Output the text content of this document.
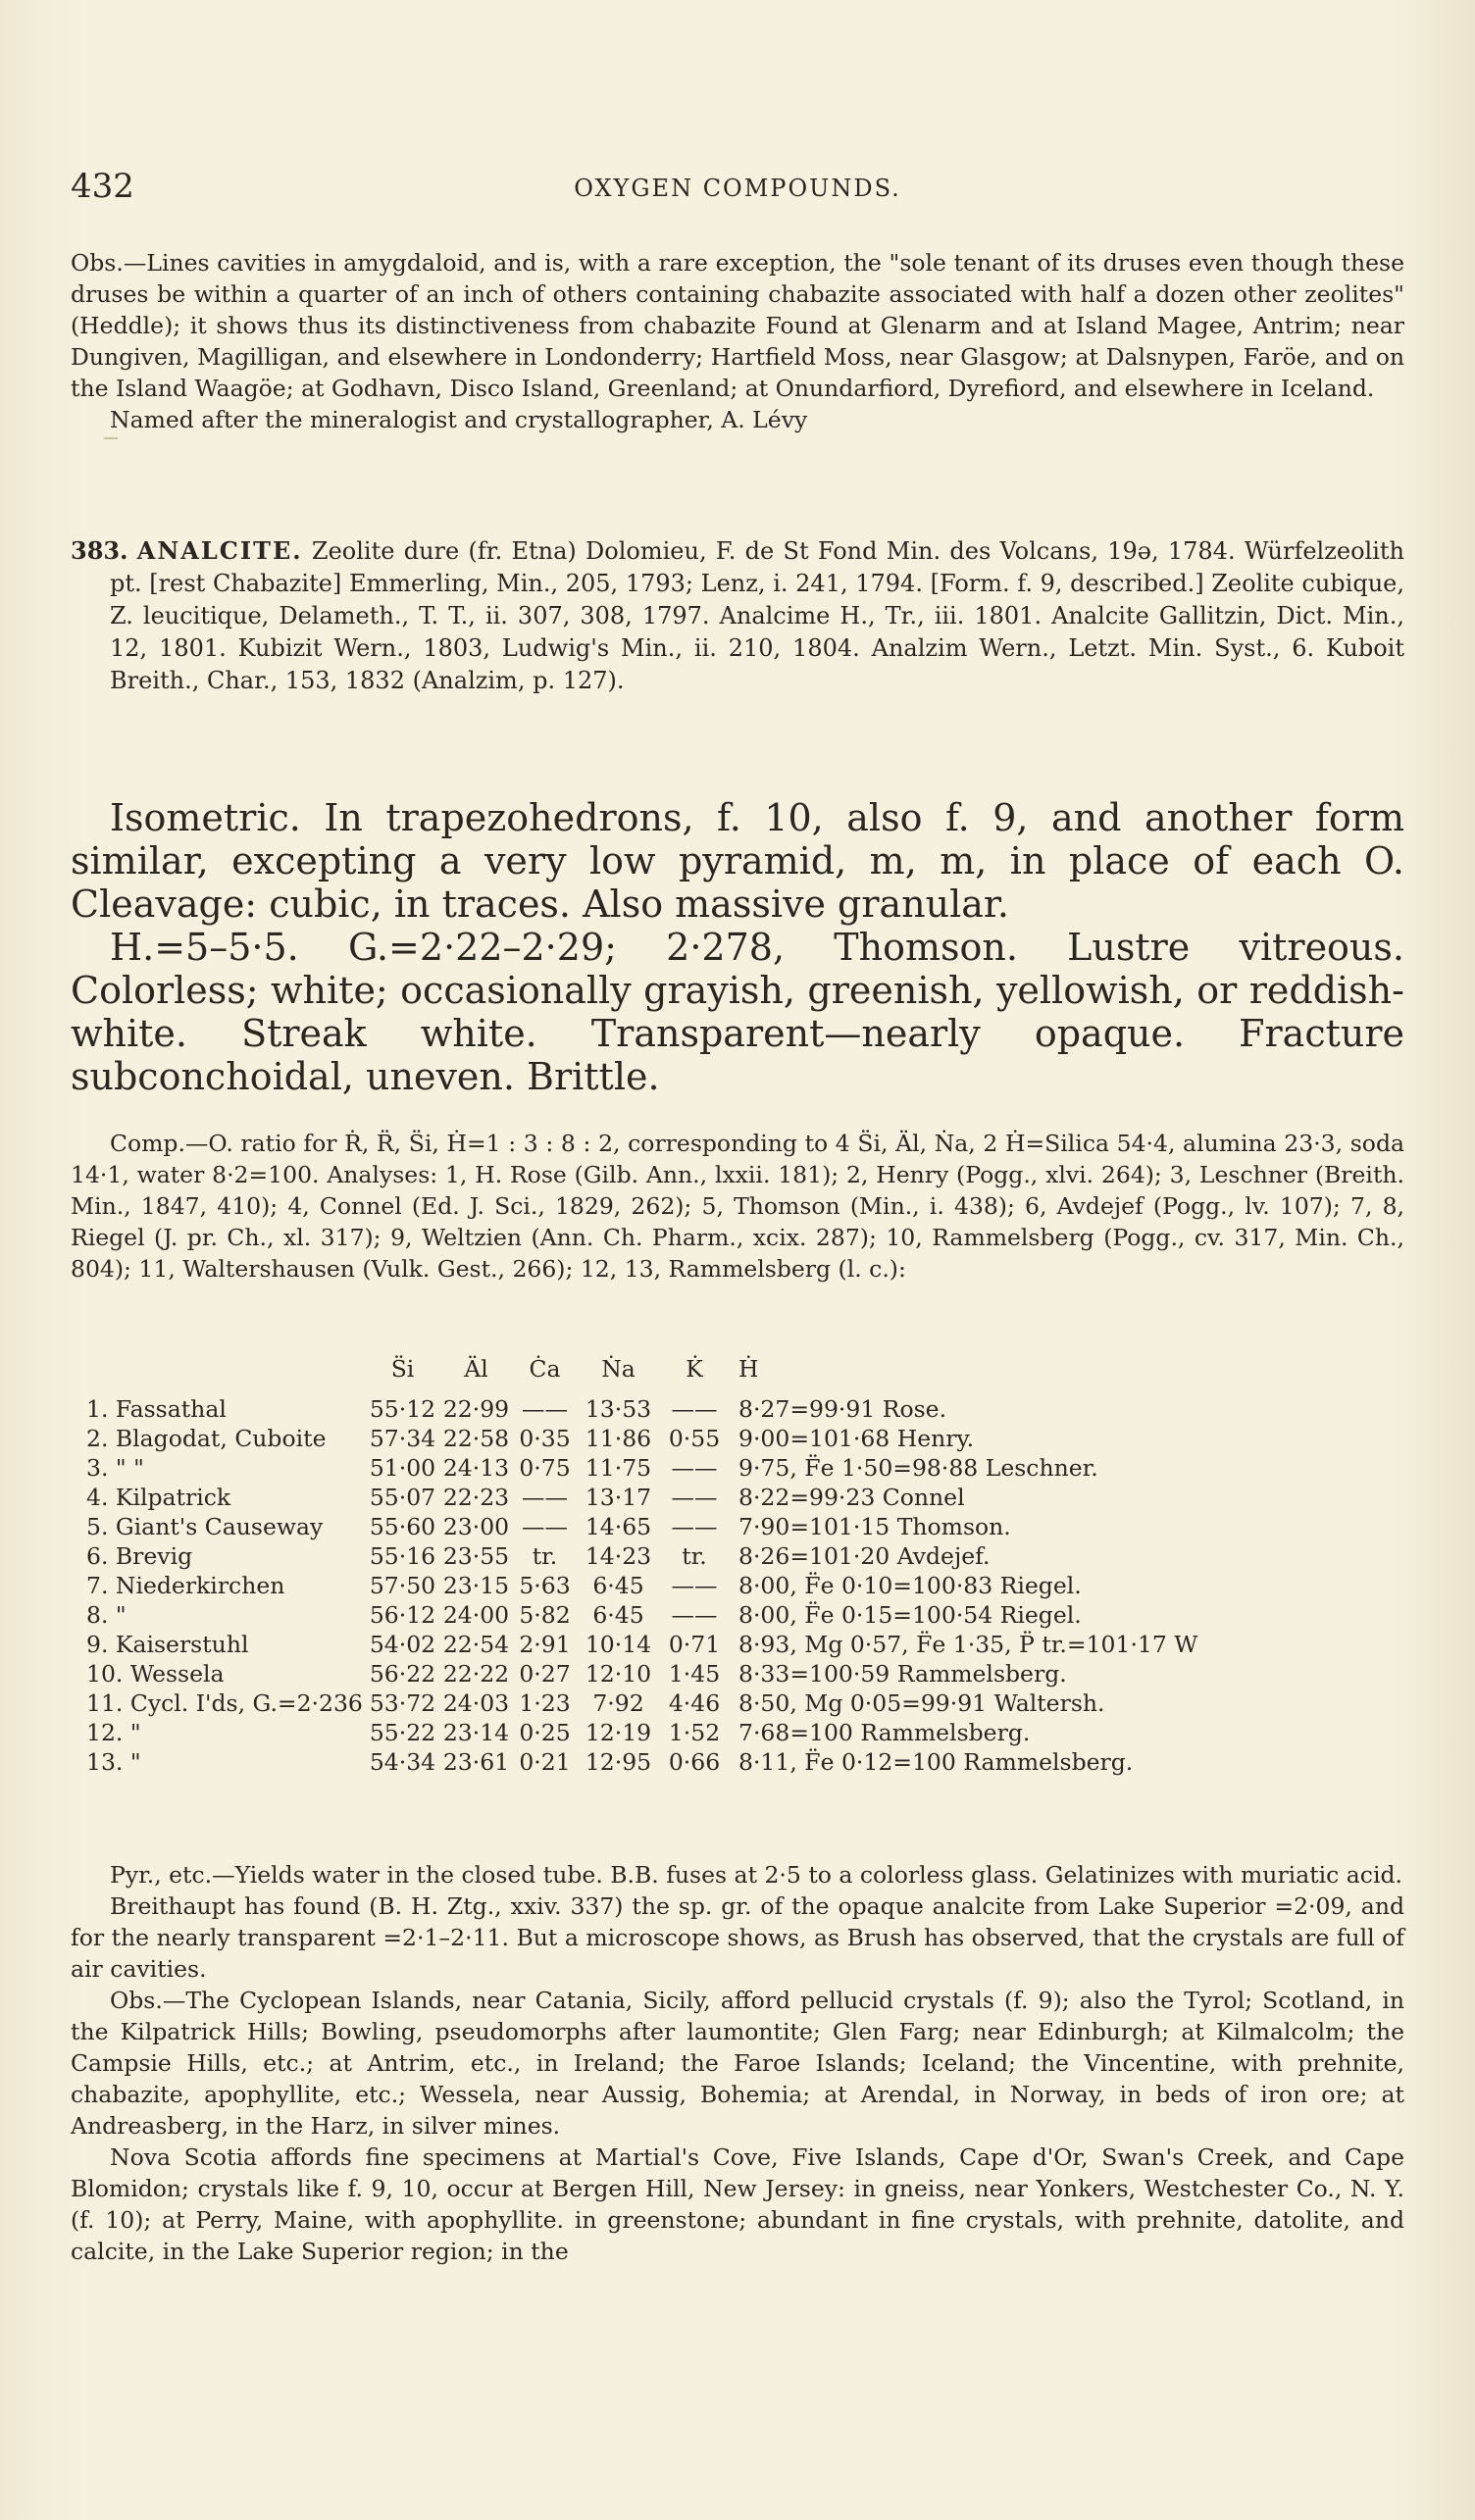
432	OXYGEN COMPOUNDS.

Obs.—Lines cavities in amygdaloid, and is, with a rare exception, the "sole tenant of its druses even though these druses be within a quarter of an inch of others containing chabazite associated with half a dozen other zeolites" (Heddle); it shows thus its distinctiveness from chabazite Found at Glenarm and at Island Magee, Antrim; near Dungiven, Magilligan, and elsewhere in Londonderry; Hartfield Moss, near Glasgow; at Dalsnypen, Faröe, and on the Island Waagöe; at Godhavn, Disco Island, Greenland; at Onundarfiord, Dyrefiord, and elsewhere in Iceland.

Named after the mineralogist and crystallographer, A. Lévy

383. ANALCITE. Zeolite dure (fr. Etna) Dolomieu, F. de St Fond Min. des Volcans, 19ǝ, 1784. Würfelzeolith pt. [rest Chabazite] Emmerling, Min., 205, 1793; Lenz, i. 241, 1794. [Form. f. 9, described.] Zeolite cubique, Z. leucitique, Delameth., T. T., ii. 307, 308, 1797. Analcime H., Tr., iii. 1801. Analcite Gallitzin, Dict. Min., 12, 1801. Kubizit Wern., 1803, Ludwig's Min., ii. 210, 1804. Analzim Wern., Letzt. Min. Syst., 6. Kuboit Breith., Char., 153, 1832 (Analzim, p. 127).

Isometric. In trapezohedrons, f. 10, also f. 9, and another form similar, excepting a very low pyramid, m, m, in place of each O. Cleavage: cubic, in traces. Also massive granular.

H.=5–5·5. G.=2·22–2·29; 2·278, Thomson. Lustre vitreous. Colorless; white; occasionally grayish, greenish, yellowish, or reddish-white. Streak white. Transparent—nearly opaque. Fracture subconchoidal, uneven. Brittle.

Comp.—O. ratio for Ṙ, R̈, S̈i, Ḣ=1 : 3 : 8 : 2, corresponding to 4 S̈i, Äl, Ṅa, 2 Ḣ=Silica 54·4, alumina 23·3, soda 14·1, water 8·2=100. Analyses: 1, H. Rose (Gilb. Ann., lxxii. 181); 2, Henry (Pogg., xlvi. 264); 3, Leschner (Breith. Min., 1847, 410); 4, Connel (Ed. J. Sci., 1829, 262); 5, Thomson (Min., i. 438); 6, Avdejef (Pogg., lv. 107); 7, 8, Riegel (J. pr. Ch., xl. 317); 9, Weltzien (Ann. Ch. Pharm., xcix. 287); 10, Rammelsberg (Pogg., cv. 317, Min. Ch., 804); 11, Waltershausen (Vulk. Gest., 266); 12, 13, Rammelsberg (l. c.):

	S̈i	Äl	Ċa	Ṅa	K̇	Ḣ
1. Fassathal	55·12	22·99	——	13·53	——	8·27=99·91 Rose.
2. Blagodat, Cuboite	57·34	22·58	0·35	11·86	0·55	9·00=101·68 Henry.
3. " "	51·00	24·13	0·75	11·75	——	9·75, F̈e 1·50=98·88 Leschner.
4. Kilpatrick	55·07	22·23	——	13·17	——	8·22=99·23 Connel
5. Giant's Causeway	55·60	23·00	——	14·65	——	7·90=101·15 Thomson.
6. Brevig	55·16	23·55	tr.	14·23	tr.	8·26=101·20 Avdejef.
7. Niederkirchen	57·50	23·15	5·63	6·45	——	8·00, F̈e 0·10=100·83 Riegel.
8. "	56·12	24·00	5·82	6·45	——	8·00, F̈e 0·15=100·54 Riegel.
9. Kaiserstuhl	54·02	22·54	2·91	10·14	0·71	8·93, Mg 0·57, F̈e 1·35, P̈ tr.=101·17 W
10. Wessela	56·22	22·22	0·27	12·10	1·45	8·33=100·59 Rammelsberg.
11. Cycl. I'ds, G.=2·236	53·72	24·03	1·23	7·92	4·46	8·50, Mg 0·05=99·91 Waltersh.
12. "	55·22	23·14	0·25	12·19	1·52	7·68=100 Rammelsberg.
13. "	54·34	23·61	0·21	12·95	0·66	8·11, F̈e 0·12=100 Rammelsberg.

Pyr., etc.—Yields water in the closed tube. B.B. fuses at 2·5 to a colorless glass. Gelatinizes with muriatic acid.

Breithaupt has found (B. H. Ztg., xxiv. 337) the sp. gr. of the opaque analcite from Lake Superior =2·09, and for the nearly transparent =2·1–2·11. But a microscope shows, as Brush has observed, that the crystals are full of air cavities.

Obs.—The Cyclopean Islands, near Catania, Sicily, afford pellucid crystals (f. 9); also the Tyrol; Scotland, in the Kilpatrick Hills; Bowling, pseudomorphs after laumontite; Glen Farg; near Edinburgh; at Kilmalcolm; the Campsie Hills, etc.; at Antrim, etc., in Ireland; the Faroe Islands; Iceland; the Vincentine, with prehnite, chabazite, apophyllite, etc.; Wessela, near Aussig, Bohemia; at Arendal, in Norway, in beds of iron ore; at Andreasberg, in the Harz, in silver mines.

Nova Scotia affords fine specimens at Martial's Cove, Five Islands, Cape d'Or, Swan's Creek, and Cape Blomidon; crystals like f. 9, 10, occur at Bergen Hill, New Jersey: in gneiss, near Yonkers, Westchester Co., N. Y. (f. 10); at Perry, Maine, with apophyllite. in greenstone; abundant in fine crystals, with prehnite, datolite, and calcite, in the Lake Superior region; in the
